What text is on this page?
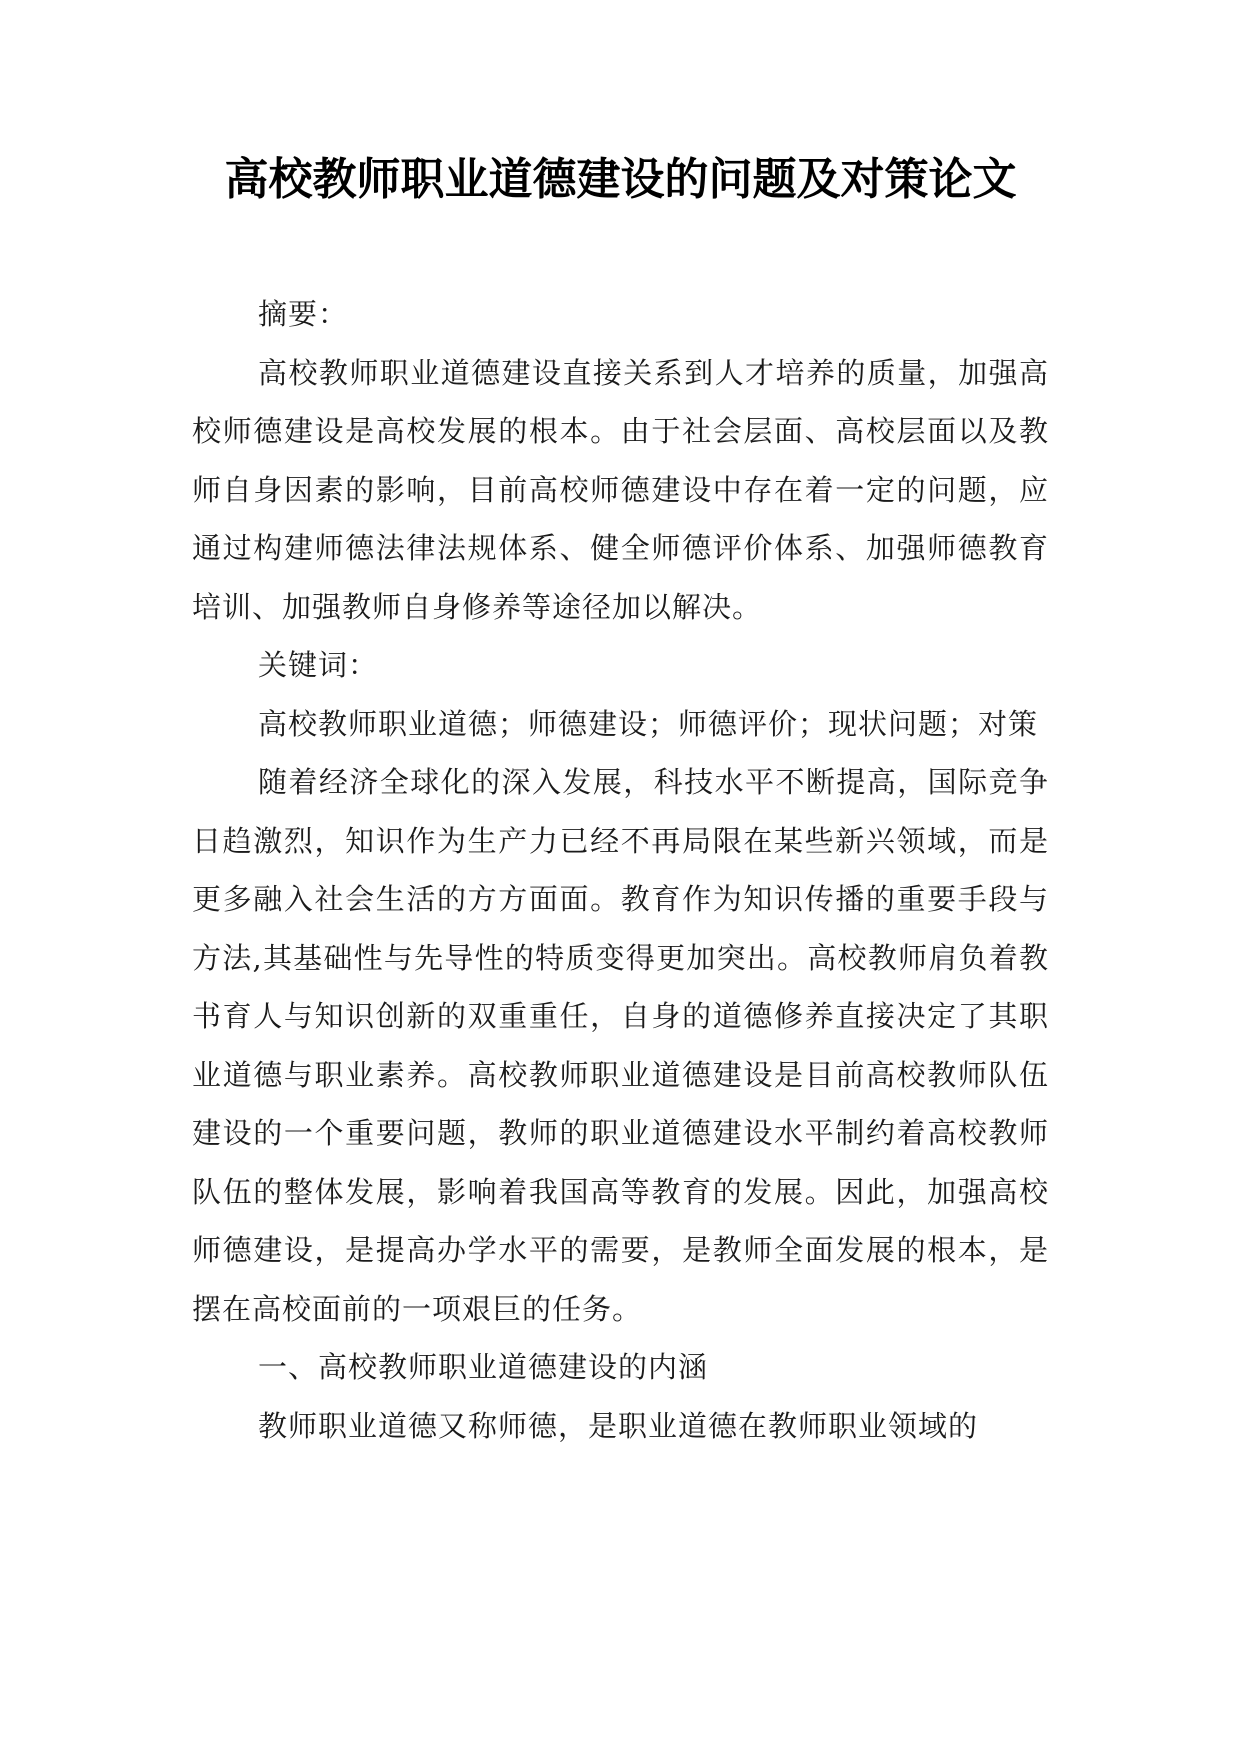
高校教师职业道德建设的问题及对策论文

摘要：

高校教师职业道德建设直接关系到人才培养的质量，加强高校师德建设是高校发展的根本。由于社会层面、高校层面以及教师自身因素的影响，目前高校师德建设中存在着一定的问题，应通过构建师德法律法规体系、健全师德评价体系、加强师德教育培训、加强教师自身修养等途径加以解决。

关键词：

高校教师职业道德；师德建设；师德评价；现状问题；对策

随着经济全球化的深入发展，科技水平不断提高，国际竞争日趋激烈，知识作为生产力已经不再局限在某些新兴领域，而是更多融入社会生活的方方面面。教育作为知识传播的重要手段与方法,其基础性与先导性的特质变得更加突出。高校教师肩负着教书育人与知识创新的双重重任，自身的道德修养直接决定了其职业道德与职业素养。高校教师职业道德建设是目前高校教师队伍建设的一个重要问题，教师的职业道德建设水平制约着高校教师队伍的整体发展，影响着我国高等教育的发展。因此，加强高校师德建设，是提高办学水平的需要，是教师全面发展的根本，是摆在高校面前的一项艰巨的任务。

一、高校教师职业道德建设的内涵

教师职业道德又称师德，是职业道德在教师职业领域的
